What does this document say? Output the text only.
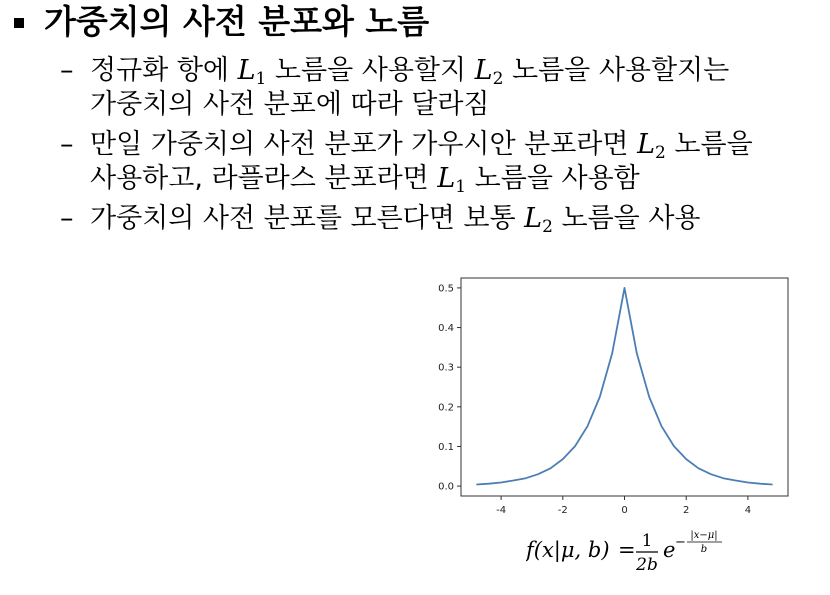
가중치의 사전 분포와 노름
– 정규화 항에 $L_1$ 노름을 사용할지 $L_2$ 노름을 사용할지는
가중치의 사전 분포에 따라 달라짐
– 만일 가중치의 사전 분포가 가우시안 분포라면 $L_2$ 노름을
사용하고, 라플라스 분포라면 $L_1$ 노름을 사용함
– 가중치의 사전 분포를 모른다면 보통 $L_2$ 노름을 사용
0.0
0.1
0.2
0.3
0.4
0.5
-4	-2	0	2	4
f(x|μ, b) = 1
2b
e − |x−μ|
b
